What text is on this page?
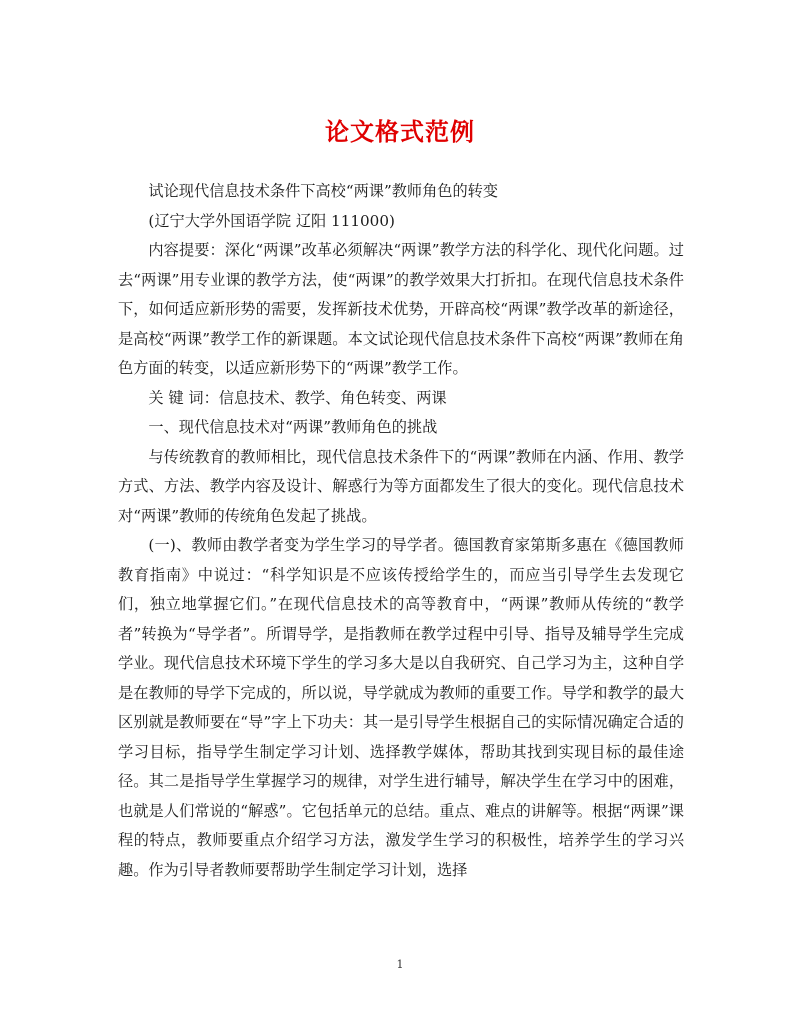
论文格式范例

试论现代信息技术条件下高校“两课”教师角色的转变

(辽宁大学外国语学院 辽阳 111000)

内容提要：深化“两课”改革必须解决“两课”教学方法的科学化、现代化问题。过去“两课”用专业课的教学方法，使“两课”的教学效果大打折扣。在现代信息技术条件下，如何适应新形势的需要，发挥新技术优势，开辟高校“两课”教学改革的新途径，是高校“两课”教学工作的新课题。本文试论现代信息技术条件下高校“两课”教师在角色方面的转变，以适应新形势下的“两课”教学工作。

关 键 词：信息技术、教学、角色转变、两课

一、现代信息技术对“两课”教师角色的挑战

与传统教育的教师相比，现代信息技术条件下的“两课”教师在内涵、作用、教学方式、方法、教学内容及设计、解惑行为等方面都发生了很大的变化。现代信息技术对“两课”教师的传统角色发起了挑战。

(一)、教师由教学者变为学生学习的导学者。德国教育家第斯多惠在《德国教师教育指南》中说过：“科学知识是不应该传授给学生的，而应当引导学生去发现它们，独立地掌握它们。”在现代信息技术的高等教育中，“两课”教师从传统的“教学者”转换为“导学者”。所谓导学，是指教师在教学过程中引导、指导及辅导学生完成学业。现代信息技术环境下学生的学习多大是以自我研究、自己学习为主，这种自学是在教师的导学下完成的，所以说，导学就成为教师的重要工作。导学和教学的最大区别就是教师要在“导”字上下功夫：其一是引导学生根据自己的实际情况确定合适的学习目标，指导学生制定学习计划、选择教学媒体，帮助其找到实现目标的最佳途径。其二是指导学生掌握学习的规律，对学生进行辅导，解决学生在学习中的困难，也就是人们常说的“解惑”。它包括单元的总结。重点、难点的讲解等。根据“两课”课程的特点，教师要重点介绍学习方法，激发学生学习的积极性，培养学生的学习兴趣。作为引导者教师要帮助学生制定学习计划，选择

1
